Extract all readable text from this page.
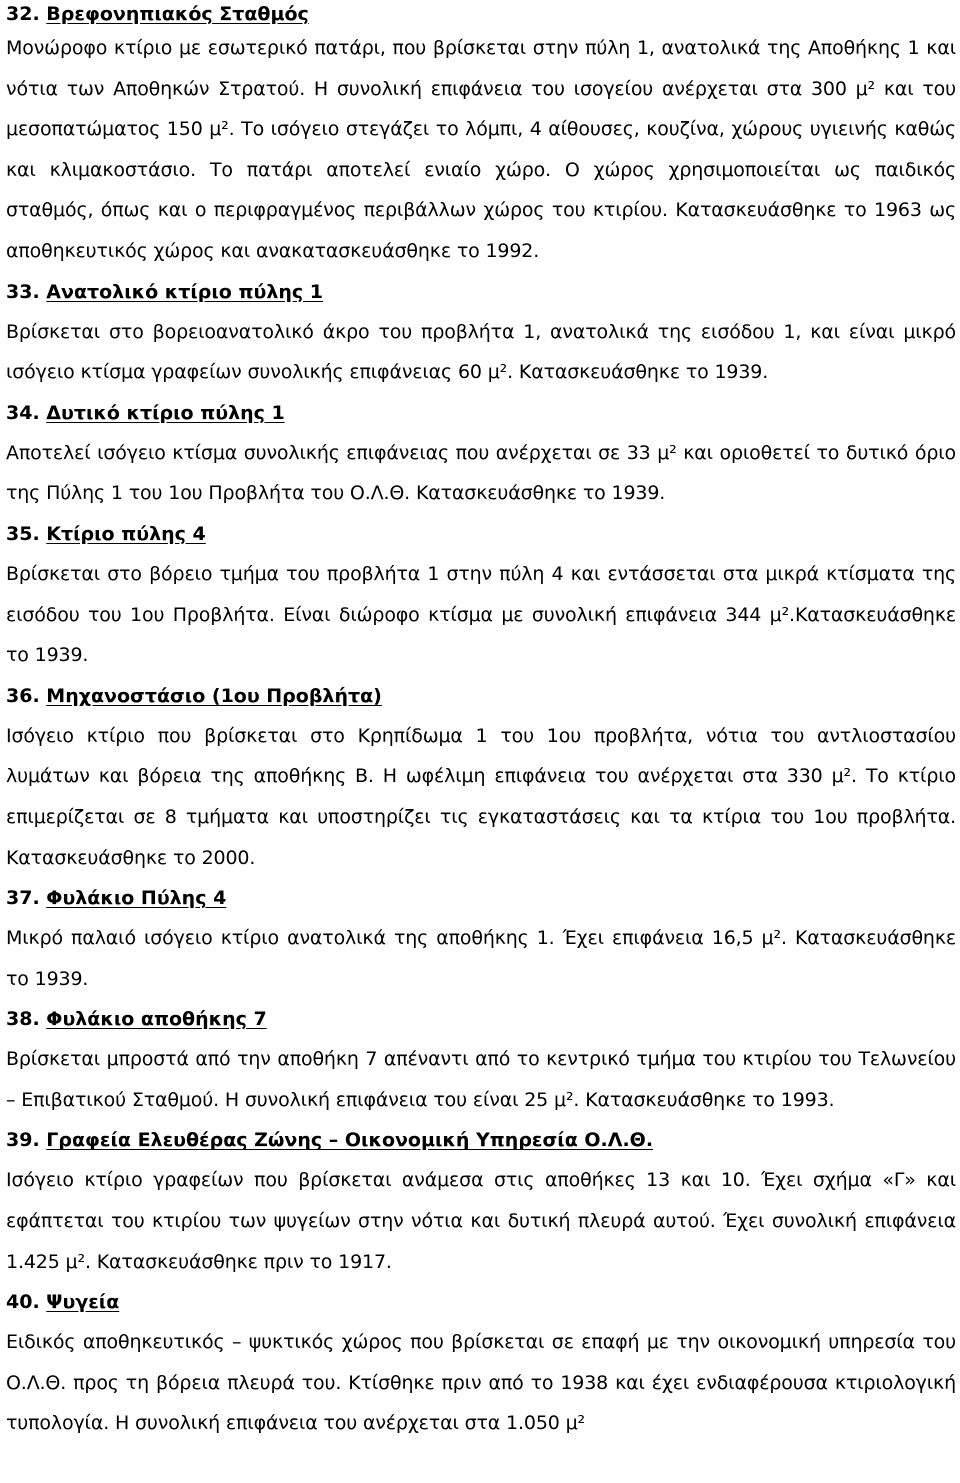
32. Βρεφονηπιακός Σταθμός

Μονώροφο κτίριο με εσωτερικό πατάρι, που βρίσκεται στην πύλη 1, ανατολικά της Αποθήκης 1 και νότια των Αποθηκών Στρατού. Η συνολική επιφάνεια του ισογείου ανέρχεται στα 300 μ² και του μεσοπατώματος 150 μ². Το ισόγειο στεγάζει το λόμπι, 4 αίθουσες, κουζίνα, χώρους υγιεινής καθώς και κλιμακοστάσιο. Το πατάρι αποτελεί ενιαίο χώρο. Ο χώρος χρησιμοποιείται ως παιδικός σταθμός, όπως και ο περιφραγμένος περιβάλλων χώρος του κτιρίου. Κατασκευάσθηκε το 1963 ως αποθηκευτικός χώρος και ανακατασκευάσθηκε το 1992.

33. Ανατολικό κτίριο πύλης 1

Βρίσκεται στο βορειοανατολικό άκρο του προβλήτα 1, ανατολικά της εισόδου 1, και είναι μικρό ισόγειο κτίσμα γραφείων συνολικής επιφάνειας 60 μ². Κατασκευάσθηκε το 1939.

34. Δυτικό κτίριο πύλης 1

Αποτελεί ισόγειο κτίσμα συνολικής επιφάνειας που ανέρχεται σε 33 μ² και οριοθετεί το δυτικό όριο της Πύλης 1 του 1ου Προβλήτα του Ο.Λ.Θ. Κατασκευάσθηκε το 1939.

35. Κτίριο πύλης 4

Βρίσκεται στο βόρειο τμήμα του προβλήτα 1 στην πύλη 4 και εντάσσεται στα μικρά κτίσματα της εισόδου του 1ου Προβλήτα. Είναι διώροφο κτίσμα με συνολική επιφάνεια 344 μ².Κατασκευάσθηκε το 1939.

36. Μηχανοστάσιο (1ου Προβλήτα)

Ισόγειο κτίριο που βρίσκεται στο Κρηπίδωμα 1 του 1ου προβλήτα, νότια του αντλιοστασίου λυμάτων και βόρεια της αποθήκης Β. Η ωφέλιμη επιφάνεια του ανέρχεται στα 330 μ². Το κτίριο επιμερίζεται σε 8 τμήματα και υποστηρίζει τις εγκαταστάσεις και τα κτίρια του 1ου προβλήτα. Κατασκευάσθηκε το 2000.

37. Φυλάκιο Πύλης 4

Μικρό παλαιό ισόγειο κτίριο ανατολικά της αποθήκης 1. Έχει επιφάνεια 16,5 μ². Κατασκευάσθηκε το 1939.

38. Φυλάκιο αποθήκης 7

Βρίσκεται μπροστά από την αποθήκη 7 απέναντι από το κεντρικό τμήμα του κτιρίου του Τελωνείου – Επιβατικού Σταθμού. Η συνολική επιφάνεια του είναι 25 μ². Κατασκευάσθηκε το 1993.

39. Γραφεία Ελευθέρας Ζώνης – Οικονομική Υπηρεσία Ο.Λ.Θ.

Ισόγειο κτίριο γραφείων που βρίσκεται ανάμεσα στις αποθήκες 13 και 10. Έχει σχήμα «Γ» και εφάπτεται του κτιρίου των ψυγείων στην νότια και δυτική πλευρά αυτού. Έχει συνολική επιφάνεια 1.425 μ². Κατασκευάσθηκε πριν το 1917.

40. Ψυγεία

Ειδικός αποθηκευτικός – ψυκτικός χώρος που βρίσκεται σε επαφή με την οικονομική υπηρεσία του Ο.Λ.Θ. προς τη βόρεια πλευρά του. Κτίσθηκε πριν από το 1938 και έχει ενδιαφέρουσα κτιριολογική τυπολογία. Η συνολική επιφάνεια του ανέρχεται στα 1.050 μ²
